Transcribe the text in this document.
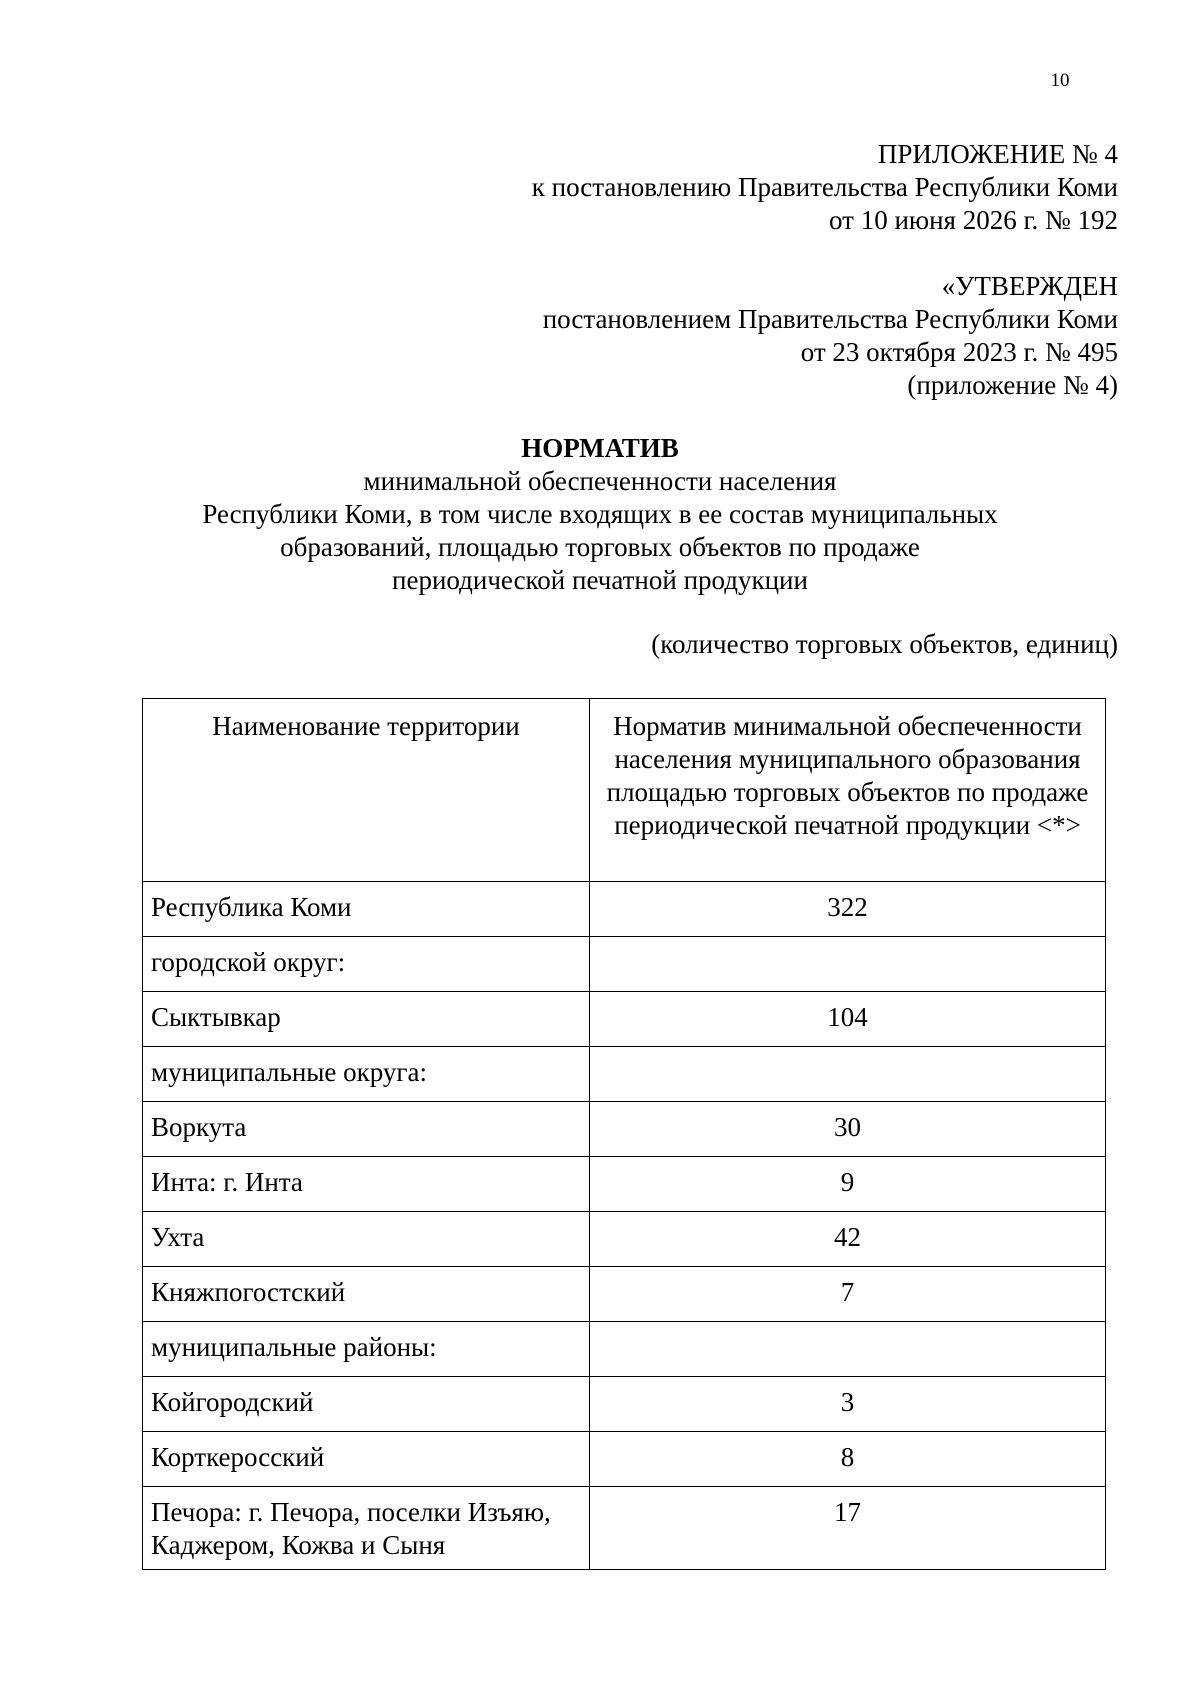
10
ПРИЛОЖЕНИЕ № 4
к постановлению Правительства Республики Коми
от 10 июня 2026 г. № 192
«УТВЕРЖДЕН
постановлением Правительства Республики Коми
от 23 октября 2023 г. № 495
(приложение № 4)
НОРМАТИВ
минимальной обеспеченности населения
Республики Коми, в том числе входящих в ее состав муниципальных
образований, площадью торговых объектов по продаже
периодической печатной продукции
(количество торговых объектов, единиц)
Наименование территории	Норматив минимальной обеспеченности населения муниципального образования площадью торговых объектов по продаже периодической печатной продукции <*>
Республика Коми	322
городской округ:	
Сыктывкар	104
муниципальные округа:	
Воркута	30
Инта: г. Инта	9
Ухта	42
Княжпогостский	7
муниципальные районы:	
Койгородский	3
Корткеросский	8
Печора: г. Печора, поселки Изъяю, Каджером, Кожва и Сыня	17
